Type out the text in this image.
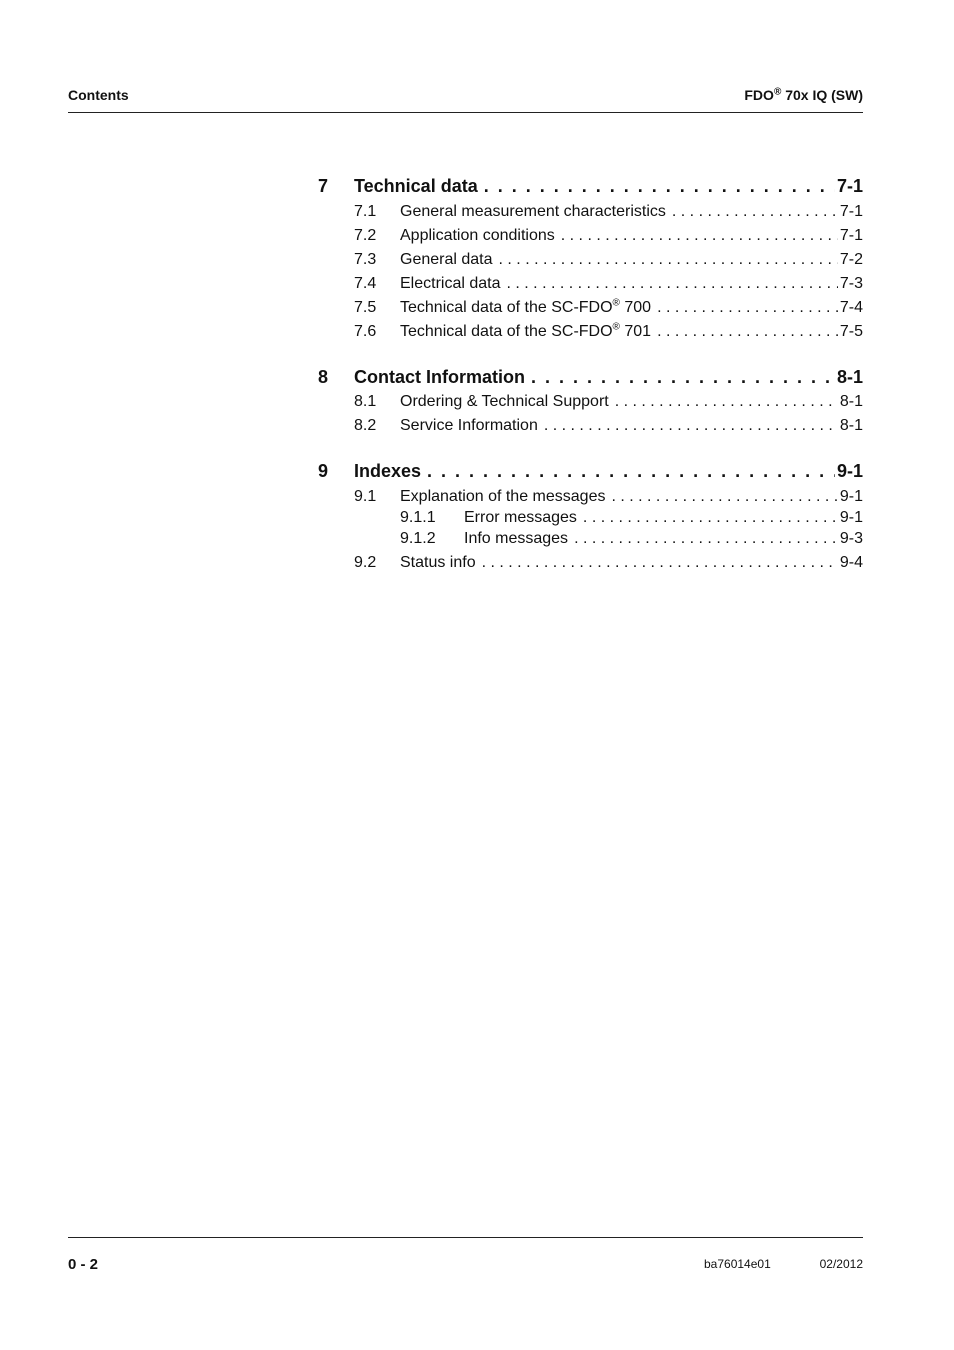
Contents	FDO® 70x IQ (SW)
7	Technical data . . .	7-1
7.1	General measurement characteristics . . .	7-1
7.2	Application conditions . . .	7-1
7.3	General data . . .	7-2
7.4	Electrical data . . .	7-3
7.5	Technical data of the SC-FDO® 700 . . .	7-4
7.6	Technical data of the SC-FDO® 701 . . .	7-5
8	Contact Information . . .	8-1
8.1	Ordering & Technical Support . . .	8-1
8.2	Service Information . . .	8-1
9	Indexes . . .	9-1
9.1	Explanation of the messages . . .	9-1
9.1.1	Error messages . . .	9-1
9.1.2	Info messages . . .	9-3
9.2	Status info . . .	9-4
0 - 2	ba76014e01	02/2012
